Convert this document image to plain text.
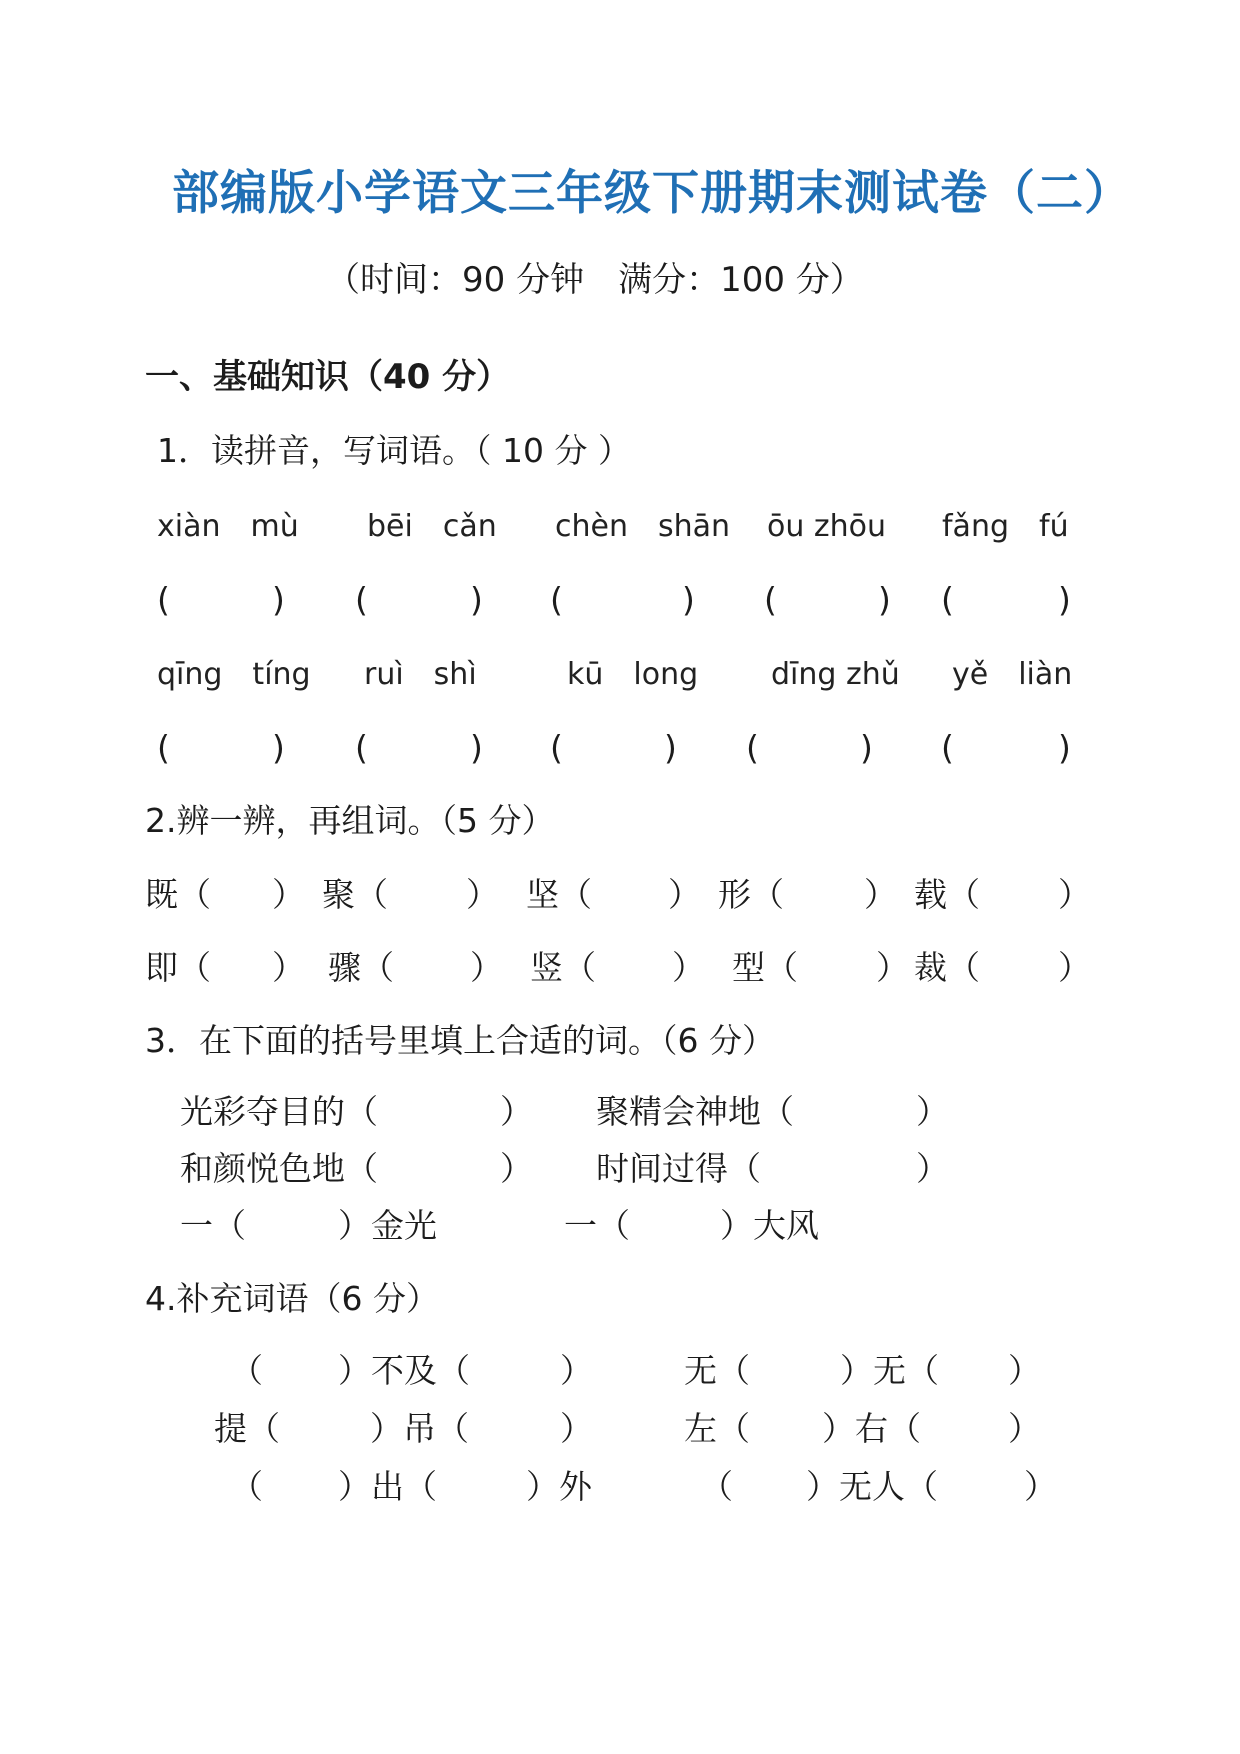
部编版小学语文三年级下册期末测试卷（二）
（时间：90 分钟　满分：100 分）
一、基础知识（40 分）
1．读拼音，写词语。（ 10 分 ）
xiàn　mù bēi　cǎn chèn　shān ōu zhōu fǎng　fú
(	) (	) (	) (	) (	)
qīng　tíng ruì　shì	kū　long dīng zhǔ yě　liàn
(	) (	) (	) (	) (	)
2.辨一辨，再组词。（5 分）
既（ ） 聚（ ） 坚（ ） 形（ ） 载（ ）
即（ ） 骤（ ） 竖（ ） 型（ ） 裁（ ）
3．在下面的括号里填上合适的词。（6 分）
光彩夺目的（	） 聚精会神地（	）
和颜悦色地（	） 时间过得（	）
一（	）金光	一（	）大风
4.补充词语（6 分）
（ ）不及（	）	无（	）无（ ）
提（	）吊（	）	左（ ）右（	）
（ ）出（	）外	（ ）无人（	）
